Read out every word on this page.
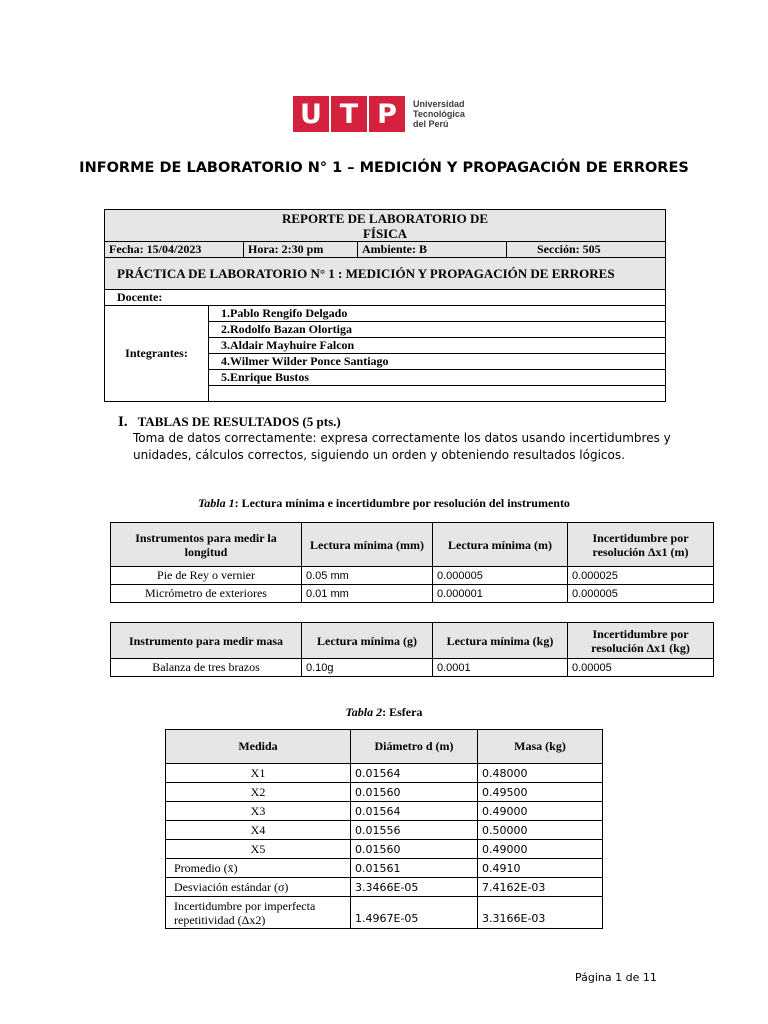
U T P	Universidad
Tecnológica
del Perú
INFORME DE LABORATORIO N° 1 – MEDICIÓN Y PROPAGACIÓN DE ERRORES
REPORTE DE LABORATORIO DE
FÍSICA

Fecha: 15/04/2023	Hora: 2:30 pm	Ambiente: B	Sección: 505
PRÁCTICA DE LABORATORIO N° 1 : MEDICIÓN Y PROPAGACIÓN DE ERRORES
Docente:
Integrantes:	1.Pablo Rengifo Delgado
2.Rodolfo Bazan Olortiga
3.Aldair Mayhuire Falcon
4.Wilmer Wilder Ponce Santiago
5.Enrique Bustos

I. TABLAS DE RESULTADOS (5 pts.)
Toma de datos correctamente: expresa correctamente los datos usando incertidumbres y unidades, cálculos correctos, siguiendo un orden y obteniendo resultados lógicos.
Tabla 1: Lectura mínima e incertidumbre por resolución del instrumento
Instrumentos para medir la longitud	Lectura mínima (mm)	Lectura mínima (m)	Incertidumbre por resolución Δx1 (m)
Pie de Rey o vernier	0.05 mm	0.000005	0.000025
Micrómetro de exteriores	0.01 mm	0.000001	0.000005
Instrumento para medir masa	Lectura mínima (g)	Lectura mínima (kg)	Incertidumbre por resolución Δx1 (kg)
Balanza de tres brazos	0.10g	0.0001	0.00005
Tabla 2: Esfera
Medida	Diámetro d (m)	Masa (kg)
X1	0.01564	0.48000
X2	0.01560	0.49500
X3	0.01564	0.49000
X4	0.01556	0.50000
X5	0.01560	0.49000
Promedio (x̄)	0.01561	0.4910
Desviación estándar (σ)	3.3466E-05	7.4162E-03
Incertidumbre por imperfecta repetitividad (Δx2)	1.4967E-05	3.3166E-03
Página 1 de 11
